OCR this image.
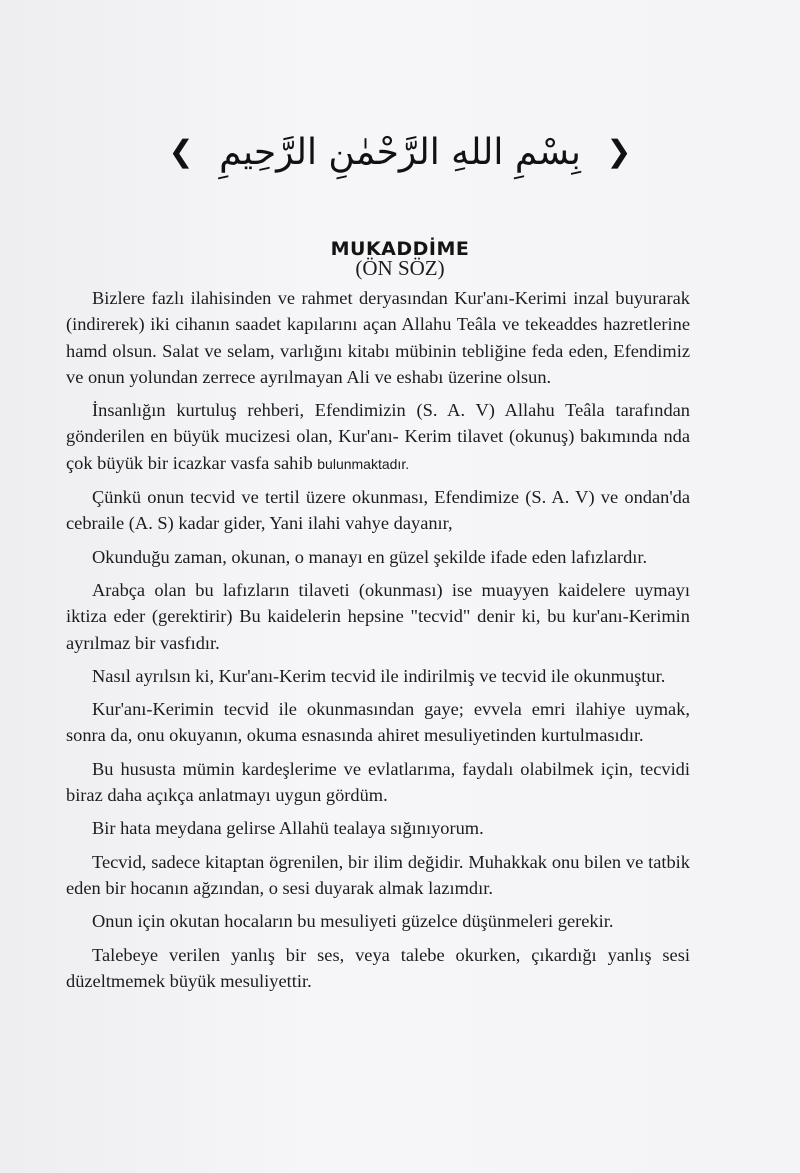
❮ بِسْمِ اللهِ الرَّحْمٰنِ الرَّحِيمِ ❯
MUKADDİME
(ÖN SÖZ)

Bizlere fazlı ilahisinden ve rahmet deryasından Kur'anı-Kerimi inzal buyurarak (indirerek) iki cihanın saadet kapılarını açan Allahu Teâla ve tekeaddes hazretlerine hamd olsun. Salat ve selam, varlığını kitabı mübinin tebliğine feda eden, Efendimiz ve onun yolundan zerrece ayrılmayan Ali ve eshabı üzerine olsun.

İnsanlığın kurtuluş rehberi, Efendimizin (S. A. V) Allahu Teâla tarafından gönderilen en büyük mucizesi olan, Kur'anı- Kerim tilavet (okunuş) bakımında nda çok büyük bir icazkar vasfa sahib bulunmaktadır.

Çünkü onun tecvid ve tertil üzere okunması, Efendimize (S. A. V) ve ondan'da cebraile (A. S) kadar gider, Yani ilahi vahye dayanır,

Okunduğu zaman, okunan, o manayı en güzel şekilde ifade eden lafızlardır.

Arabça olan bu lafızların tilaveti (okunması) ise muayyen kaidelere uymayı iktiza eder (gerektirir) Bu kaidelerin hepsine "tecvid" denir ki, bu kur'anı-Kerimin ayrılmaz bir vasfıdır.

Nasıl ayrılsın ki, Kur'anı-Kerim tecvid ile indirilmiş ve tecvid ile okunmuştur.

Kur'anı-Kerimin tecvid ile okunmasından gaye; evvela emri ilahiye uymak, sonra da, onu okuyanın, okuma esnasında ahiret mesuliyetinden kurtulmasıdır.

Bu hususta mümin kardeşlerime ve evlatlarıma, faydalı olabilmek için, tecvidi biraz daha açıkça anlatmayı uygun gördüm.

Bir hata meydana gelirse Allahü tealaya sığınıyorum.

Tecvid, sadece kitaptan ögrenilen, bir ilim değidir. Muhakkak onu bilen ve tatbik eden bir hocanın ağzından, o sesi duyarak almak lazımdır.

Onun için okutan hocaların bu mesuliyeti güzelce düşünmeleri gerekir.

Talebeye verilen yanlış bir ses, veya talebe okurken, çıkardığı yanlış sesi düzeltmemek büyük mesuliyettir.
